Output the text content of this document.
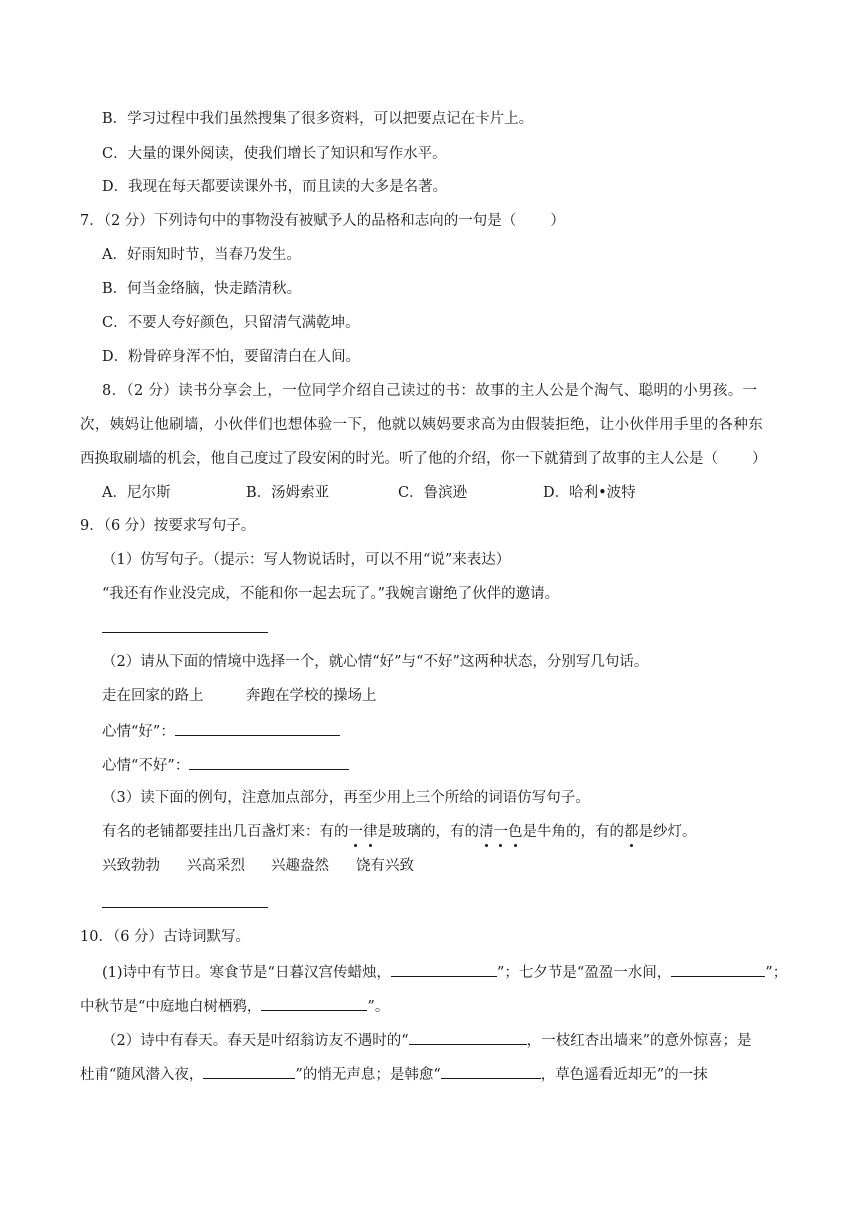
B．学习过程中我们虽然搜集了很多资料，可以把要点记在卡片上。
C．大量的课外阅读，使我们增长了知识和写作水平。
D．我现在每天都要读课外书，而且读的大多是名著。
7．（2 分）下列诗句中的事物没有被赋予人的品格和志向的一句是（ ）
A．好雨知时节，当春乃发生。
B．何当金络脑，快走踏清秋。
C．不要人夸好颜色，只留清气满乾坤。
D．粉骨碎身浑不怕，要留清白在人间。
8．（2 分）读书分享会上，一位同学介绍自己读过的书：故事的主人公是个淘气、聪明的小男孩。一
次，姨妈让他刷墙，小伙伴们也想体验一下，他就以姨妈要求高为由假装拒绝，让小伙伴用手里的各种东
西换取刷墙的机会，他自己度过了段安闲的时光。听了他的介绍，你一下就猜到了故事的主人公是（ ）
A．尼尔斯	B．汤姆索亚	C．鲁滨逊	D．哈利•波特
9．（6 分）按要求写句子。
（1）仿写句子。（提示：写人物说话时，可以不用“说”来表达）
“我还有作业没完成，不能和你一起去玩了。”我婉言谢绝了伙伴的邀请。
（2）请从下面的情境中选择一个，就心情“好”与“不好”这两种状态，分别写几句话。
走在回家的路上	奔跑在学校的操场上
心情“好”：
心情“不好”：
（3）读下面的例句，注意加点部分，再至少用上三个所给的词语仿写句子。
有名的老铺都要挂出几百盏灯来：有的一律是玻璃的，有的清一色是牛角的，有的都是纱灯。
兴致勃勃 兴高采烈 兴趣盎然 饶有兴致
10．（6 分）古诗词默写。
(1)诗中有节日。寒食节是“日暮汉宫传蜡烛，	”；七夕节是“盈盈一水间，	”；
中秋节是“中庭地白树栖鸦，	”。
（2）诗中有春天。春天是叶绍翁访友不遇时的“	，一枝红杏出墙来”的意外惊喜；是
杜甫“随风潜入夜，	”的悄无声息；是韩愈“	，草色遥看近却无”的一抹
